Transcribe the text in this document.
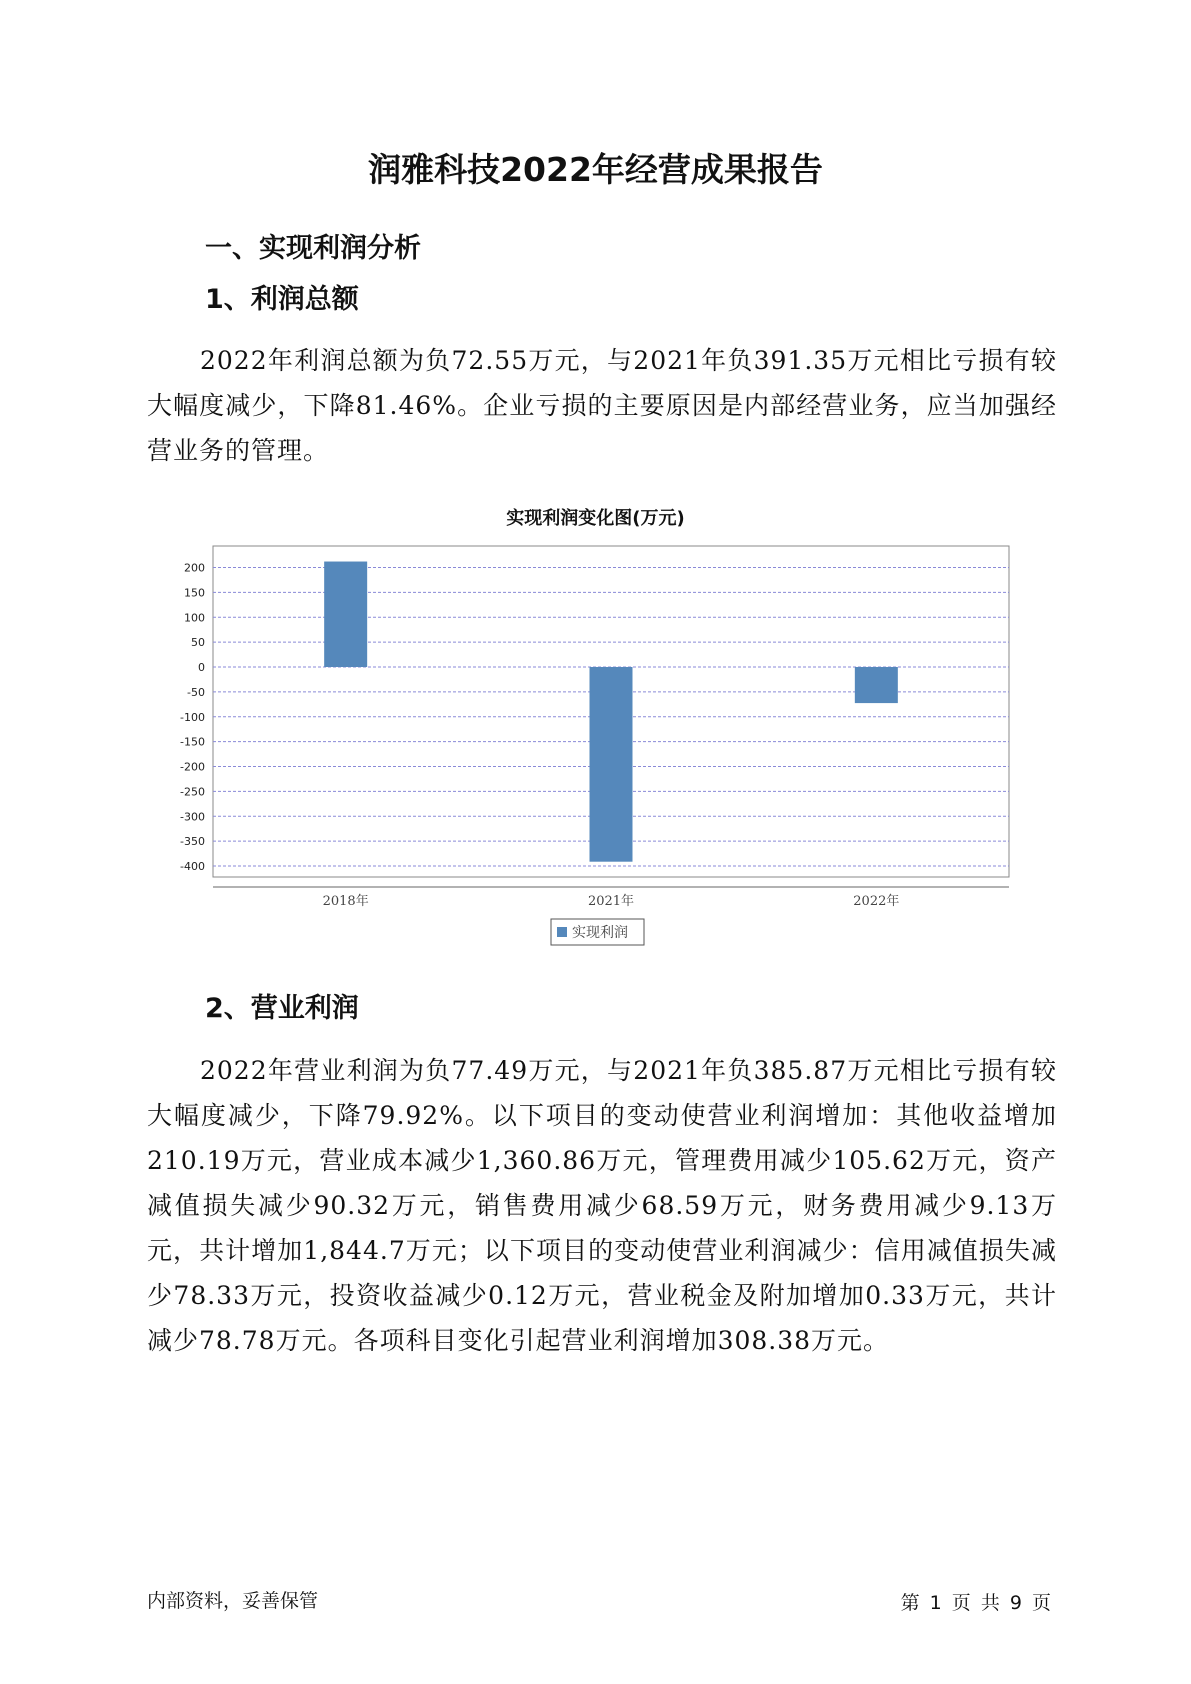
润雅科技2022年经营成果报告
一、实现利润分析
1、利润总额

2022年利润总额为负72.55万元，与2021年负391.35万元相比亏损有较大幅度减少，下降81.46%。企业亏损的主要原因是内部经营业务，应当加强经营业务的管理。

实现利润变化图(万元)
200
150
100
50
0
-50
-100
-150
-200
-250
-300
-350
-400
2018年	2021年	2022年
实现利润
2、营业利润

2022年营业利润为负77.49万元，与2021年负385.87万元相比亏损有较大幅度减少，下降79.92%。以下项目的变动使营业利润增加：其他收益增加210.19万元，营业成本减少1,360.86万元，管理费用减少105.62万元，资产减值损失减少90.32万元，销售费用减少68.59万元，财务费用减少9.13万元，共计增加1,844.7万元；以下项目的变动使营业利润减少：信用减值损失减少78.33万元，投资收益减少0.12万元，营业税金及附加增加0.33万元，共计减少78.78万元。各项科目变化引起营业利润增加308.38万元。

内部资料，妥善保管	第 1 页 共 9 页
